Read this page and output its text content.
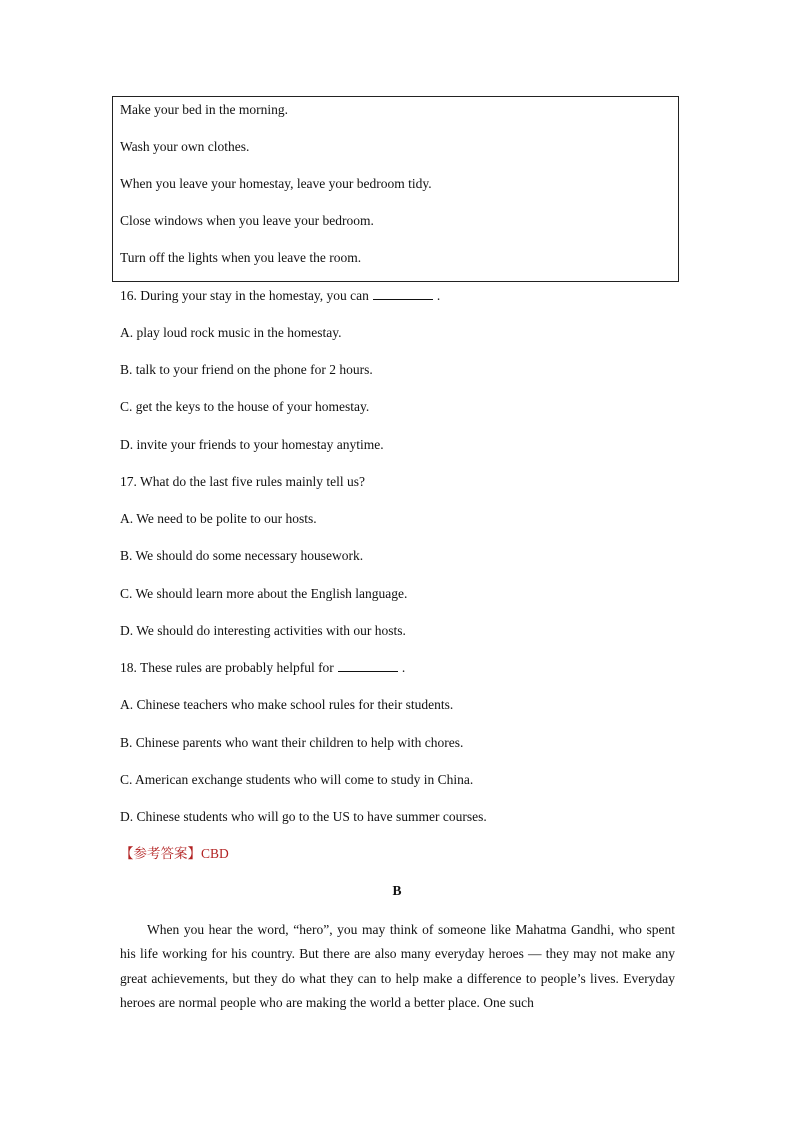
Make your bed in the morning.
Wash your own clothes.
When you leave your homestay, leave your bedroom tidy.
Close windows when you leave your bedroom.
Turn off the lights when you leave the room.
16. During your stay in the homestay, you can	.
A. play loud rock music in the homestay.
B. talk to your friend on the phone for 2 hours.
C. get the keys to the house of your homestay.
D. invite your friends to your homestay anytime.
17. What do the last five rules mainly tell us?
A. We need to be polite to our hosts.
B. We should do some necessary housework.
C. We should learn more about the English language.
D. We should do interesting activities with our hosts.
18. These rules are probably helpful for	.
A. Chinese teachers who make school rules for their students.
B. Chinese parents who want their children to help with chores.
C. American exchange students who will come to study in China.
D. Chinese students who will go to the US to have summer courses.
【参考答案】CBD
B
When you hear the word, “hero”, you may think of someone like Mahatma Gandhi, who spent his life working for his country. But there are also many everyday heroes — they may not make any great achievements, but they do what they can to help make a difference to people’s lives. Everyday heroes are normal people who are making the world a better place. One such
